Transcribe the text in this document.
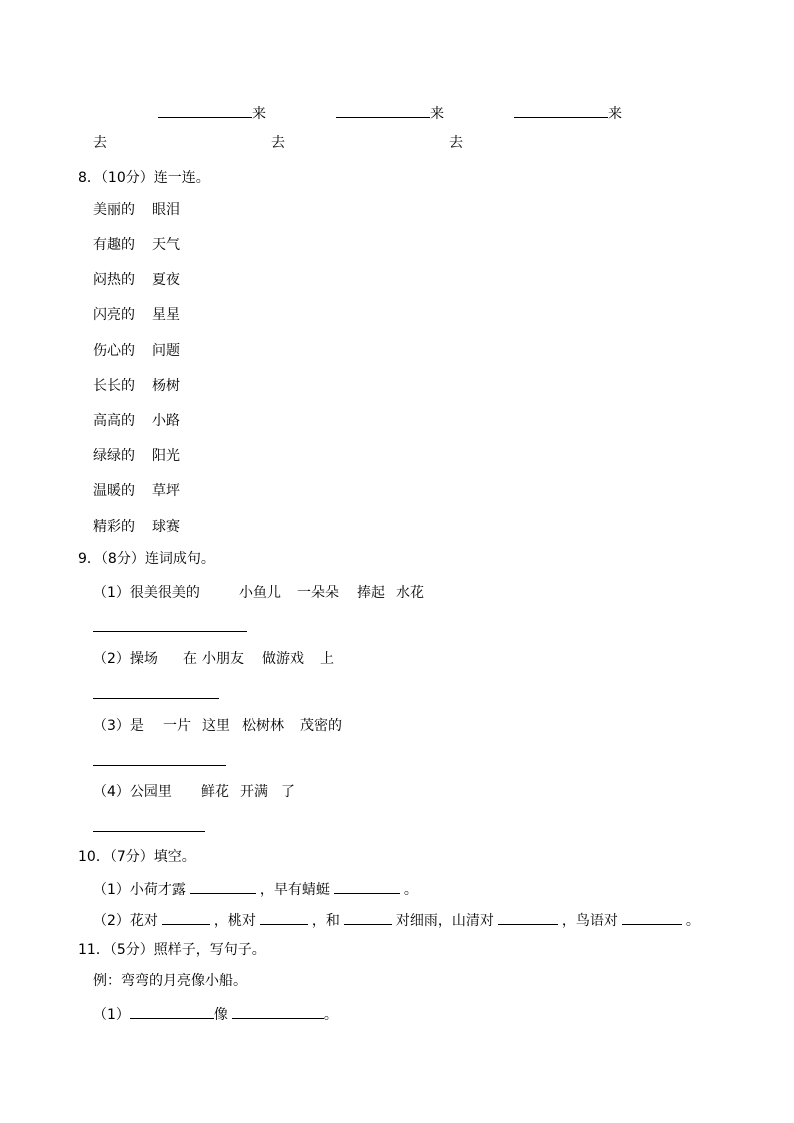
来	来	来
去	去	去
8．（10分）连一连。
美丽的 眼泪
有趣的 天气
闷热的 夏夜
闪亮的 星星
伤心的 问题
长长的 杨树
高高的 小路
绿绿的 阳光
温暖的 草坪
精彩的 球赛
9．（8分）连词成句。
（1）很美很美的	小鱼儿 一朵朵 捧起 水花
（2）操场 在 小朋友 做游戏 上
（3）是 一片 这里 松树林 茂密的
（4）公园里 鲜花 开满 了
10．（7分）填空。
（1）小荷才露	，早有蜻蜓	。
（2）花对	，桃对	，和	对细雨，山清对	，鸟语对	。
11．（5分）照样子，写句子。
例：弯弯的月亮像小船。
（1）	像	。
